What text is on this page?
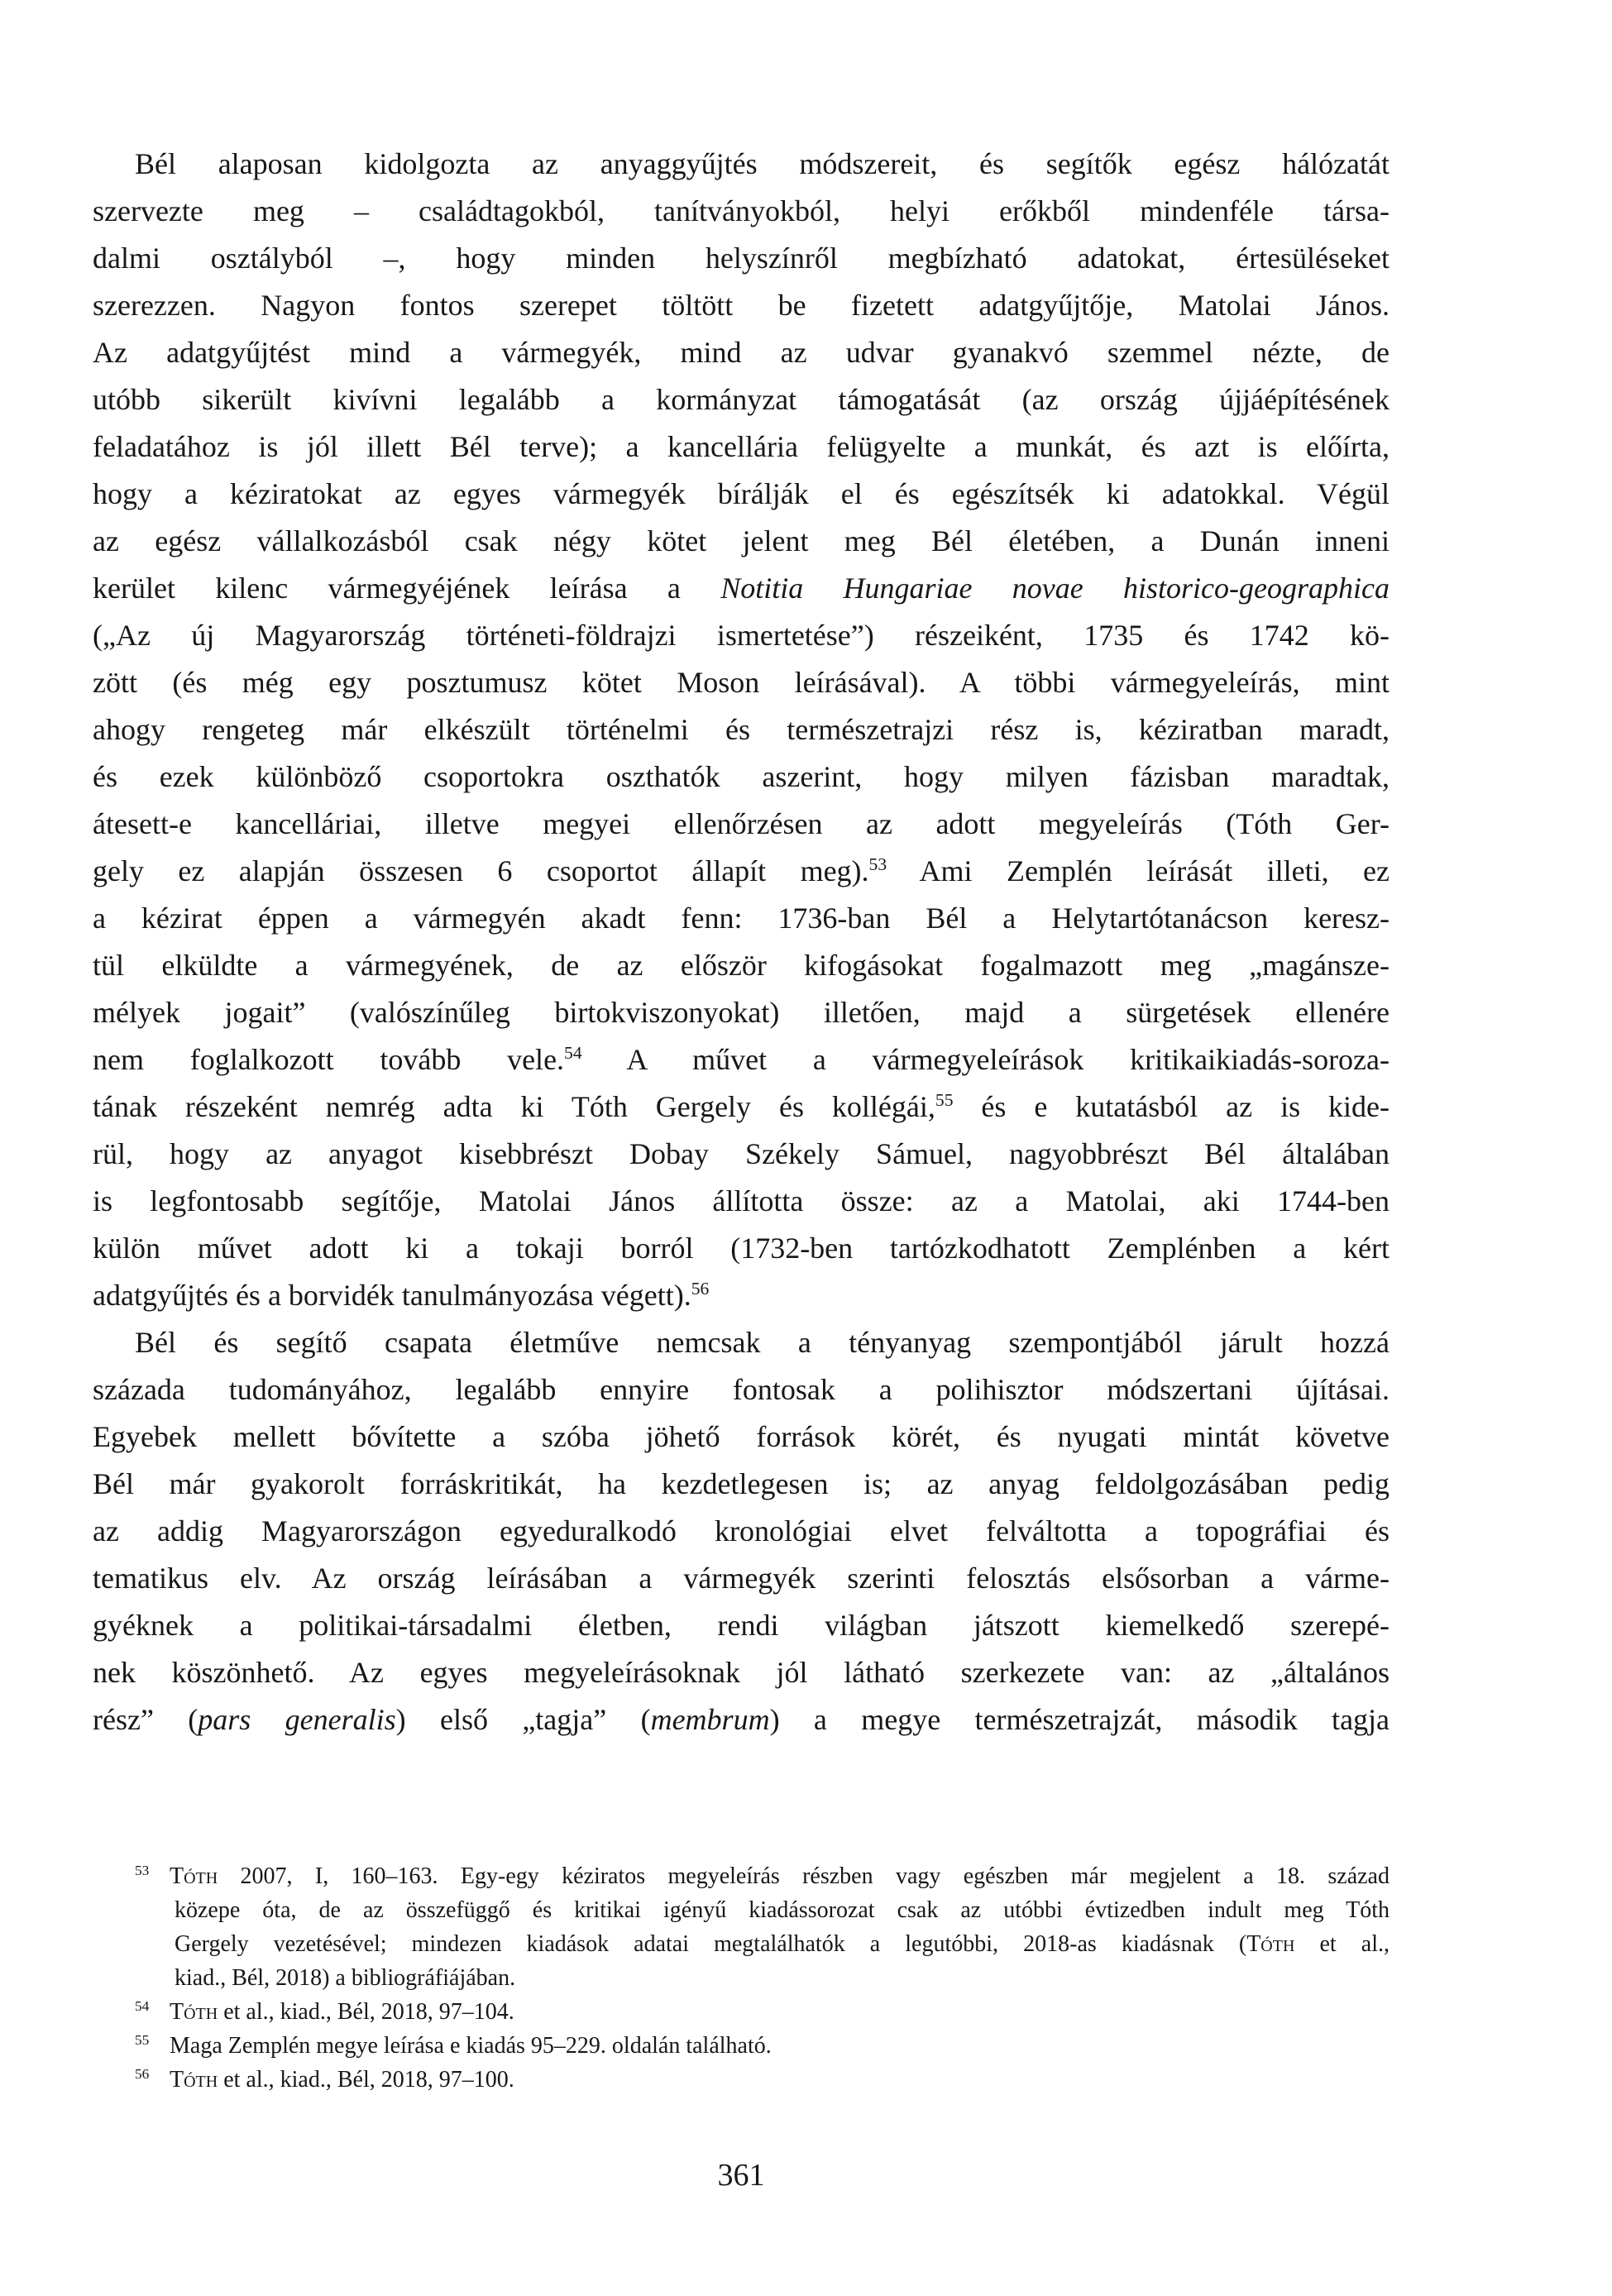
Bél alaposan kidolgozta az anyaggyűjtés módszereit, és segítők egész hálózatát
szervezte meg – családtagokból, tanítványokból, helyi erőkből mindenféle társa-
dalmi osztályból –, hogy minden helyszínről megbízható adatokat, értesüléseket
szerezzen. Nagyon fontos szerepet töltött be fizetett adatgyűjtője, Matolai János.
Az adatgyűjtést mind a vármegyék, mind az udvar gyanakvó szemmel nézte, de
utóbb sikerült kivívni legalább a kormányzat támogatását (az ország újjáépítésének
feladatához is jól illett Bél terve); a kancellária felügyelte a munkát, és azt is előírta,
hogy a kéziratokat az egyes vármegyék bírálják el és egészítsék ki adatokkal. Végül
az egész vállalkozásból csak négy kötet jelent meg Bél életében, a Dunán inneni
kerület kilenc vármegyéjének leírása a Notitia Hungariae novae historico-geographica
(„Az új Magyarország történeti-földrajzi ismertetése”) részeiként, 1735 és 1742 kö-
zött (és még egy posztumusz kötet Moson leírásával). A többi vármegyeleírás, mint
ahogy rengeteg már elkészült történelmi és természetrajzi rész is, kéziratban maradt,
és ezek különböző csoportokra oszthatók aszerint, hogy milyen fázisban maradtak,
átesett-e kancelláriai, illetve megyei ellenőrzésen az adott megyeleírás (Tóth Ger-
gely ez alapján összesen 6 csoportot állapít meg).$^{53}$ Ami Zemplén leírását illeti, ez
a kézirat éppen a vármegyén akadt fenn: 1736-ban Bél a Helytartótanácson keresz-
tül elküldte a vármegyének, de az először kifogásokat fogalmazott meg „magánsze-
mélyek jogait” (valószínűleg birtokviszonyokat) illetően, majd a sürgetések ellenére
nem foglalkozott tovább vele.$^{54}$ A művet a vármegyeleírások kritikaikiadás-soroza-
tának részeként nemrég adta ki Tóth Gergely és kollégái,$^{55}$ és e kutatásból az is kide-
rül, hogy az anyagot kisebbrészt Dobay Székely Sámuel, nagyobbrészt Bél általában
is legfontosabb segítője, Matolai János állította össze: az a Matolai, aki 1744-ben
külön művet adott ki a tokaji borról (1732-ben tartózkodhatott Zemplénben a kért
adatgyűjtés és a borvidék tanulmányozása végett).$^{56}$
Bél és segítő csapata életműve nemcsak a tényanyag szempontjából járult hozzá
százada tudományához, legalább ennyire fontosak a polihisztor módszertani újításai.
Egyebek mellett bővítette a szóba jöhető források körét, és nyugati mintát követve
Bél már gyakorolt forráskritikát, ha kezdetlegesen is; az anyag feldolgozásában pedig
az addig Magyarországon egyeduralkodó kronológiai elvet felváltotta a topográfiai és
tematikus elv. Az ország leírásában a vármegyék szerinti felosztás elsősorban a várme-
gyéknek a politikai-társadalmi életben, rendi világban játszott kiemelkedő szerepé-
nek köszönhető. Az egyes megyeleírásoknak jól látható szerkezete van: az „általános
rész” (pars generalis) első „tagja” (membrum) a megye természetrajzát, második tagja
53 Tóth 2007, I, 160–163. Egy-egy kéziratos megyeleírás részben vagy egészben már megjelent a 18. század
közepe óta, de az összefüggő és kritikai igényű kiadássorozat csak az utóbbi évtizedben indult meg Tóth
Gergely vezetésével; mindezen kiadások adatai megtalálhatók a legutóbbi, 2018-as kiadásnak (Tóth et al.,
kiad., Bél, 2018) a bibliográfiájában.
54 Tóth et al., kiad., Bél, 2018, 97–104.
55 Maga Zemplén megye leírása e kiadás 95–229. oldalán található.
56 Tóth et al., kiad., Bél, 2018, 97–100.
361
